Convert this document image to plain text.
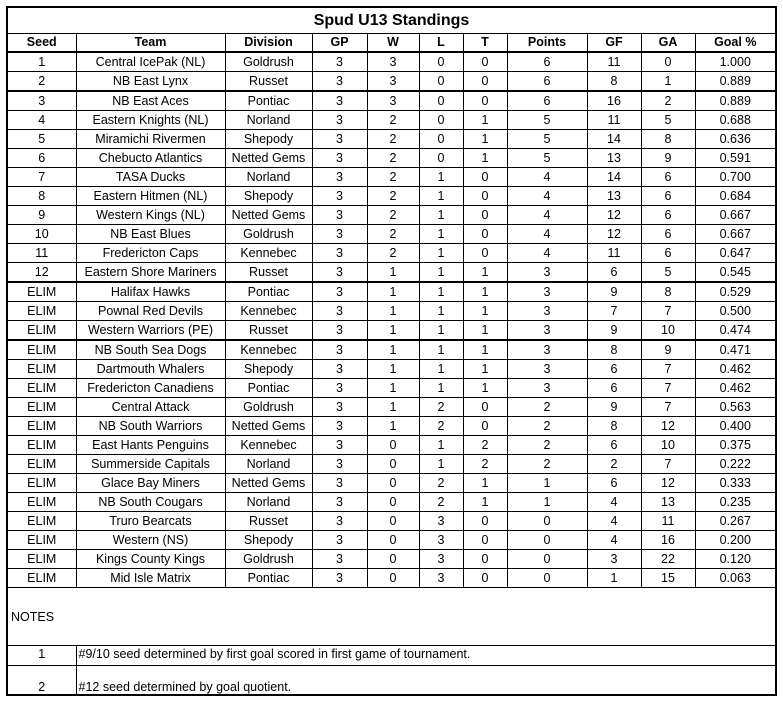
Spud U13 Standings										
Seed	Team	Division	GP	W	L	T	Points	GF	GA	Goal %
1	Central IcePak (NL)	Goldrush	3	3	0	0	6	11	0	1.000
2	NB East Lynx	Russet	3	3	0	0	6	8	1	0.889
3	NB East Aces	Pontiac	3	3	0	0	6	16	2	0.889
4	Eastern Knights (NL)	Norland	3	2	0	1	5	11	5	0.688
5	Miramichi Rivermen	Shepody	3	2	0	1	5	14	8	0.636
6	Chebucto Atlantics	Netted Gems	3	2	0	1	5	13	9	0.591
7	TASA Ducks	Norland	3	2	1	0	4	14	6	0.700
8	Eastern Hitmen (NL)	Shepody	3	2	1	0	4	13	6	0.684
9	Western Kings (NL)	Netted Gems	3	2	1	0	4	12	6	0.667
10	NB East Blues	Goldrush	3	2	1	0	4	12	6	0.667
11	Fredericton Caps	Kennebec	3	2	1	0	4	11	6	0.647
12	Eastern Shore Mariners	Russet	3	1	1	1	3	6	5	0.545
ELIM	Halifax Hawks	Pontiac	3	1	1	1	3	9	8	0.529
ELIM	Pownal Red Devils	Kennebec	3	1	1	1	3	7	7	0.500
ELIM	Western Warriors (PE)	Russet	3	1	1	1	3	9	10	0.474
ELIM	NB South Sea Dogs	Kennebec	3	1	1	1	3	8	9	0.471
ELIM	Dartmouth Whalers	Shepody	3	1	1	1	3	6	7	0.462
ELIM	Fredericton Canadiens	Pontiac	3	1	1	1	3	6	7	0.462
ELIM	Central Attack	Goldrush	3	1	2	0	2	9	7	0.563
ELIM	NB South Warriors	Netted Gems	3	1	2	0	2	8	12	0.400
ELIM	East Hants Penguins	Kennebec	3	0	1	2	2	6	10	0.375
ELIM	Summerside Capitals	Norland	3	0	1	2	2	2	7	0.222
ELIM	Glace Bay Miners	Netted Gems	3	0	2	1	1	6	12	0.333
ELIM	NB South Cougars	Norland	3	0	2	1	1	4	13	0.235
ELIM	Truro Bearcats	Russet	3	0	3	0	0	4	11	0.267
ELIM	Western (NS)	Shepody	3	0	3	0	0	4	16	0.200
ELIM	Kings County Kings	Goldrush	3	0	3	0	0	3	22	0.120
ELIM	Mid Isle Matrix	Pontiac	3	0	3	0	0	1	15	0.063
NOTES	
1	#9/10 seed determined by first goal scored in first game of tournament.
2	#12 seed determined by goal quotient.
